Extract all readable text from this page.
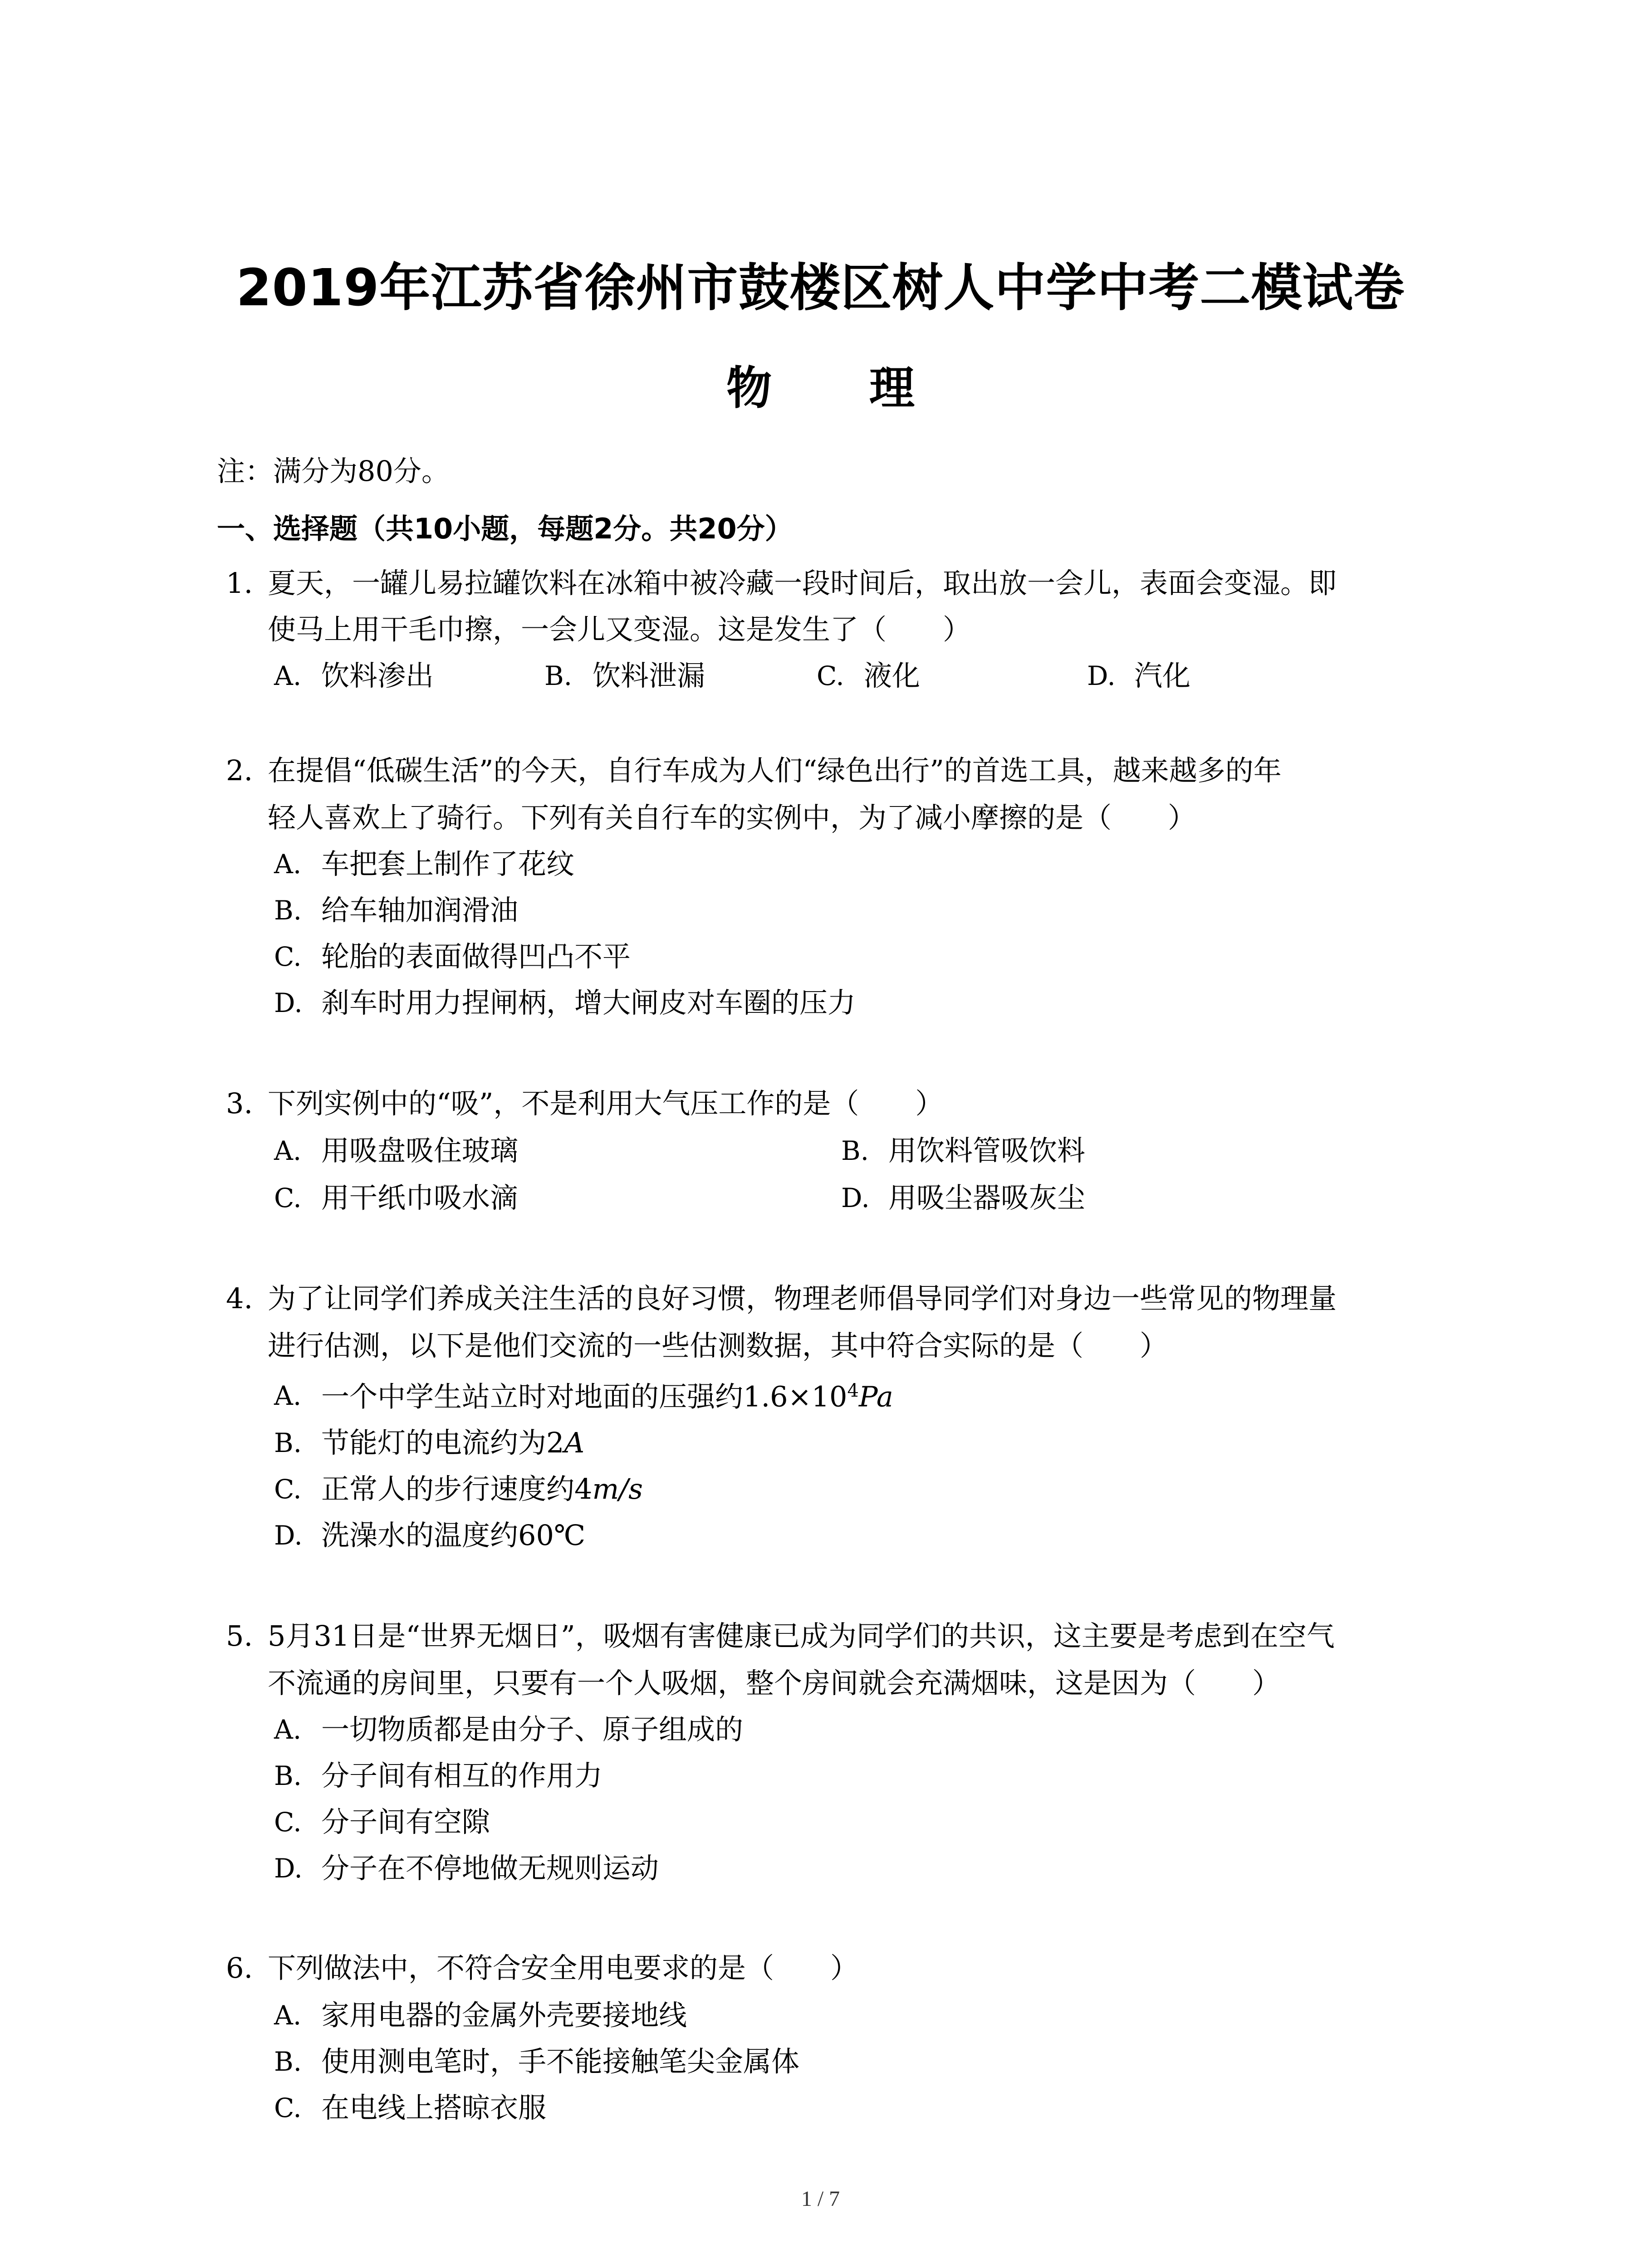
2019年江苏省徐州市鼓楼区树人中学中考二模试卷
物 理
注：满分为80分。
一、选择题（共10小题，每题2分。共20分）
1. 夏天，一罐儿易拉罐饮料在冰箱中被冷藏一段时间后，取出放一会儿，表面会变湿。即
使马上用干毛巾擦，一会儿又变湿。这是发生了（　　）
A. 饮料渗出	B. 饮料泄漏	C. 液化	D. 汽化
2. 在提倡“低碳生活”的今天，自行车成为人们“绿色出行”的首选工具，越来越多的年
轻人喜欢上了骑行。下列有关自行车的实例中，为了减小摩擦的是（　　）
A. 车把套上制作了花纹
B. 给车轴加润滑油
C. 轮胎的表面做得凹凸不平
D. 刹车时用力捏闸柄，增大闸皮对车圈的压力
3. 下列实例中的“吸”，不是利用大气压工作的是（　　）
A. 用吸盘吸住玻璃	B. 用饮料管吸饮料
C. 用干纸巾吸水滴	D. 用吸尘器吸灰尘
4. 为了让同学们养成关注生活的良好习惯，物理老师倡导同学们对身边一些常见的物理量
进行估测，以下是他们交流的一些估测数据，其中符合实际的是（　　）
A. 一个中学生站立时对地面的压强约$1.6\times 10^4Pa$
B. 节能灯的电流约为2A
C. 正常人的步行速度约4m/s
D. 洗澡水的温度约60℃
5. 5月31日是“世界无烟日”，吸烟有害健康已成为同学们的共识，这主要是考虑到在空气
不流通的房间里，只要有一个人吸烟，整个房间就会充满烟味，这是因为（　　）
A. 一切物质都是由分子、原子组成的
B. 分子间有相互的作用力
C. 分子间有空隙
D. 分子在不停地做无规则运动
6. 下列做法中，不符合安全用电要求的是（　　）
A. 家用电器的金属外壳要接地线
B. 使用测电笔时，手不能接触笔尖金属体
C. 在电线上搭晾衣服
1 / 7
